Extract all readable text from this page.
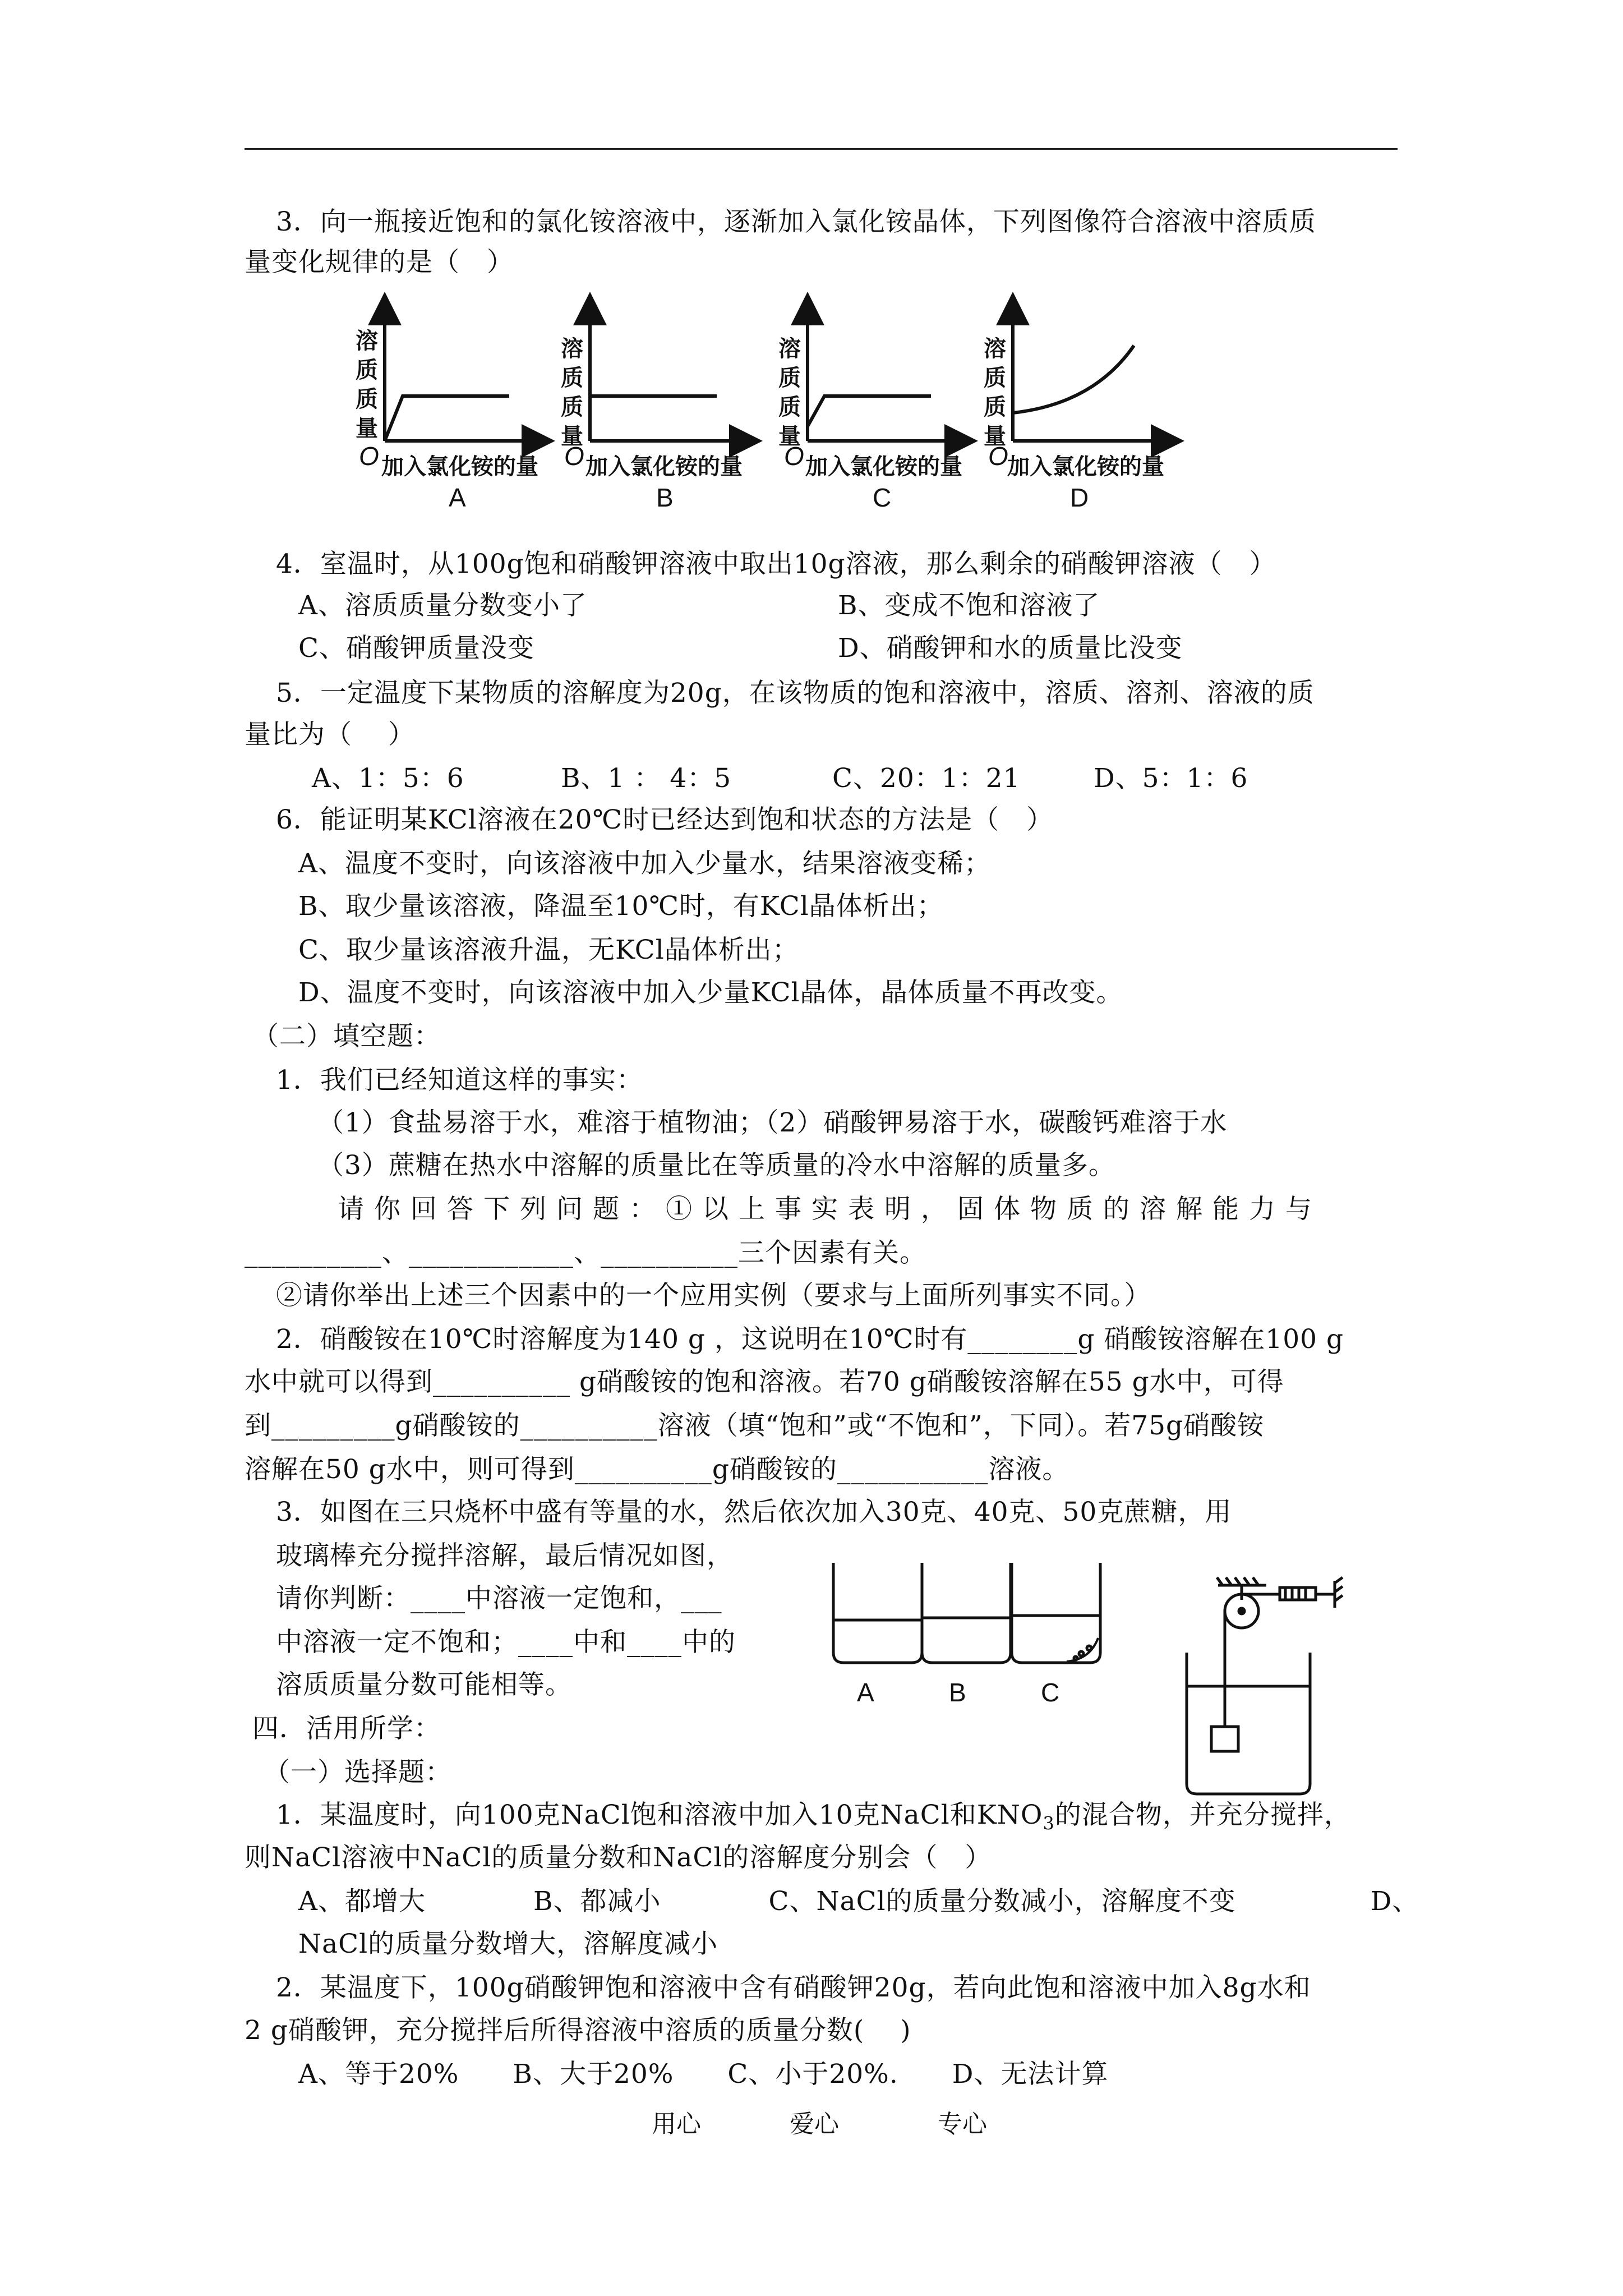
3．向一瓶接近饱和的氯化铵溶液中，逐渐加入氯化铵晶体，下列图像符合溶液中溶质质
量变化规律的是（　）
溶
质
质
量
O 加入氯化铵的量
A
溶
质
质
量
O 加入氯化铵的量
B
溶
质
质
量
O 加入氯化铵的量
C
溶
质
质
量
O
加入氯化铵的量
D
4．室温时，从100g饱和硝酸钾溶液中取出10g溶液，那么剩余的硝酸钾溶液（　）
A、溶质质量分数变小了	B、变成不饱和溶液了
C、硝酸钾质量没变	D、硝酸钾和水的质量比没变
5．一定温度下某物质的溶解度为20g，在该物质的饱和溶液中，溶质、溶剂、溶液的质
量比为（　 ）
A、1：5：6	B、1 ： 4：5	C、20：1：21	D、5：1：6
6．能证明某KCl溶液在20℃时已经达到饱和状态的方法是（　）
A、温度不变时，向该溶液中加入少量水，结果溶液变稀；
B、取少量该溶液，降温至10℃时，有KCl晶体析出；
C、取少量该溶液升温，无KCl晶体析出；
D、温度不变时，向该溶液中加入少量KCl晶体，晶体质量不再改变。
（二）填空题：
1．我们已经知道这样的事实：
（1）食盐易溶于水，难溶于植物油；（2）硝酸钾易溶于水，碳酸钙难溶于水
（3）蔗糖在热水中溶解的质量比在等质量的冷水中溶解的质量多。
请你回答下列问题：①以上事实表明，固体物质的溶解能力与
__________、____________、__________三个因素有关。
②请你举出上述三个因素中的一个应用实例（要求与上面所列事实不同。）
2．硝酸铵在10℃时溶解度为140 g ，这说明在10℃时有________g 硝酸铵溶解在100 g
水中就可以得到__________ g硝酸铵的饱和溶液。若70 g硝酸铵溶解在55 g水中，可得
到_________g硝酸铵的__________溶液（填“饱和”或“不饱和”，下同）。若75g硝酸铵
溶解在50 g水中，则可得到__________g硝酸铵的___________溶液。
3．如图在三只烧杯中盛有等量的水，然后依次加入30克、40克、50克蔗糖，用
玻璃棒充分搅拌溶解，最后情况如图，
请你判断：____中溶液一定饱和，___
中溶液一定不饱和；____中和____中的
溶质质量分数可能相等。	A	B	C
四．活用所学：
（一）选择题：
1．某温度时，向100克NaCl饱和溶液中加入10克NaCl和$KNO_3$的混合物，并充分搅拌，
则NaCl溶液中NaCl的质量分数和NaCl的溶解度分别会（　）
A、都增大　　　　B、都减小　　　　C、NaCl的质量分数减小，溶解度不变　　　　　D、
NaCl的质量分数增大，溶解度减小
2．某温度下，100g硝酸钾饱和溶液中含有硝酸钾20g，若向此饱和溶液中加入8g水和
2 g硝酸钾，充分搅拌后所得溶液中溶质的质量分数(　 )
A、等于20%　　B、大于20%　　C、小于20%.　　D、无法计算
用心	爱心	专心
